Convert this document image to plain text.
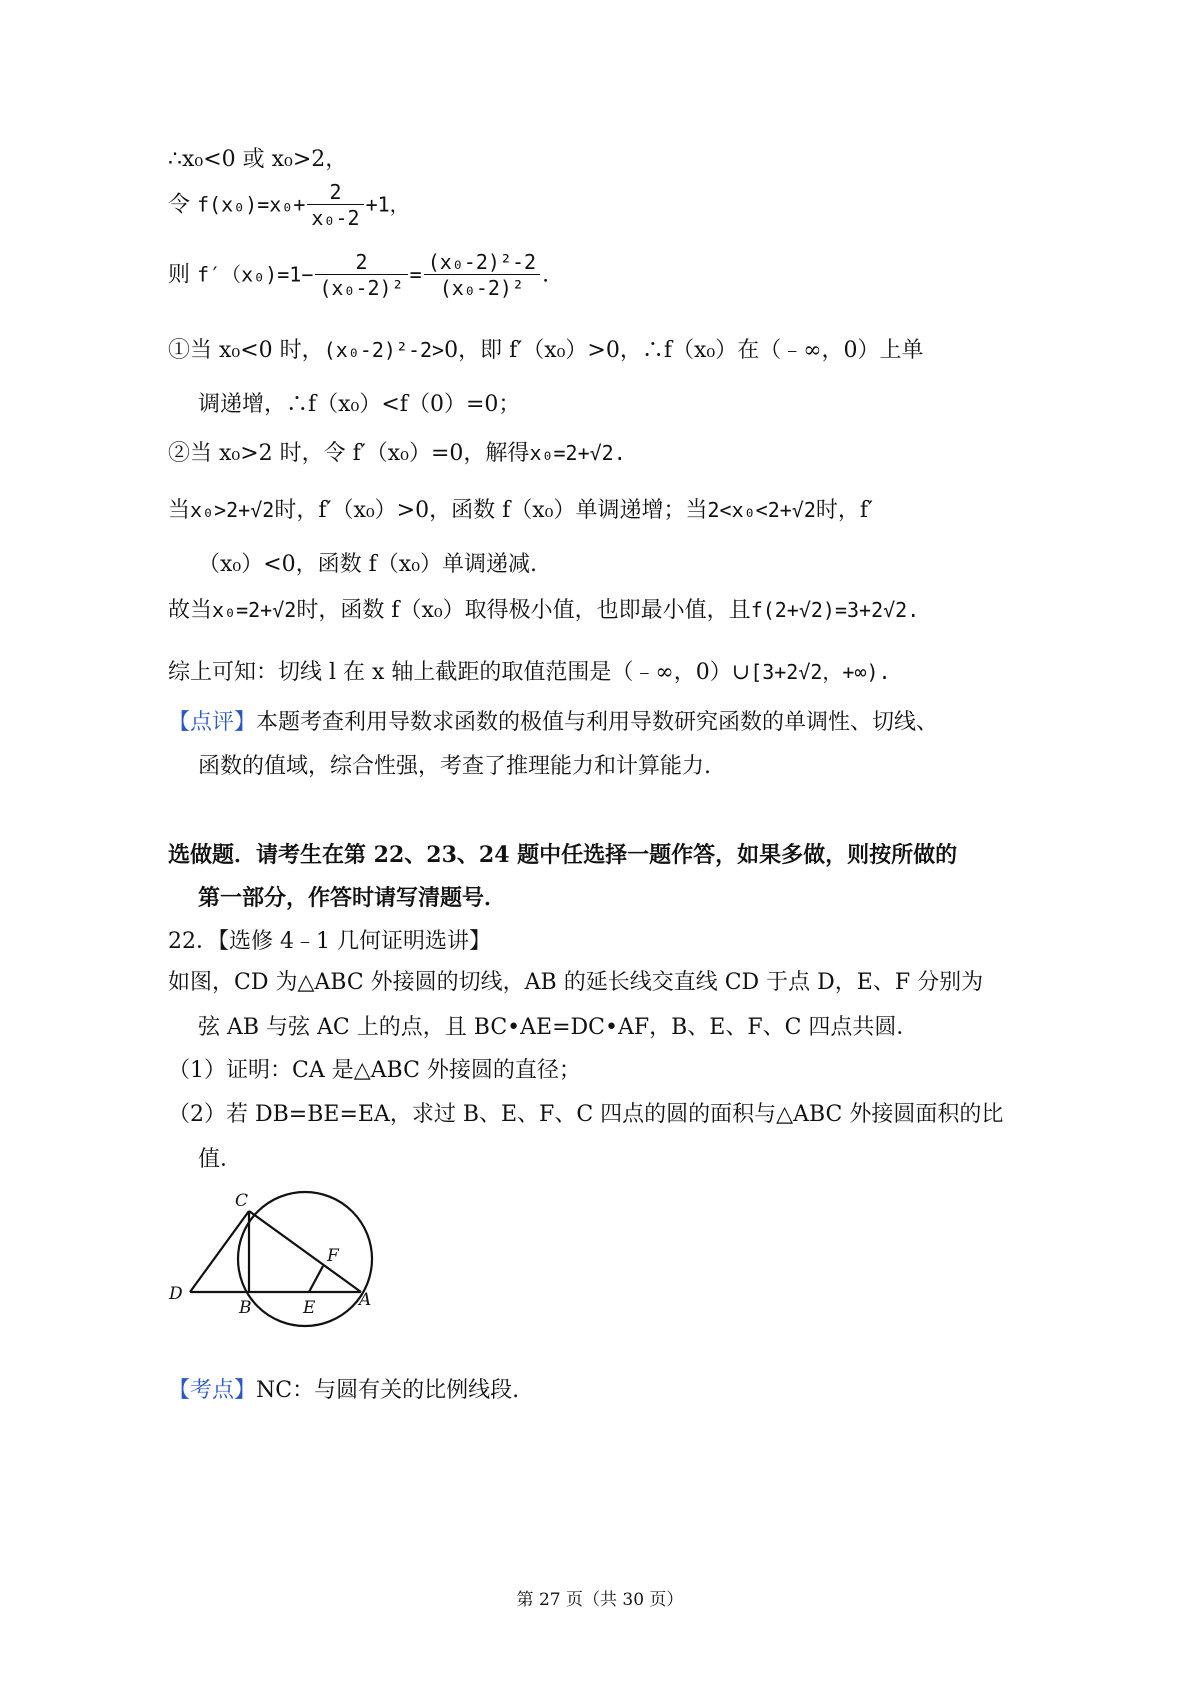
∴x₀<0 或 x₀>2，
令 $f(x_0)=x_0+ \frac{2}{\text{x₀-2}} +1$，
则 $f'(x_0)=1- \frac{2}{\text{(x₀-2)²}} = \frac{\text{(x₀-2)²-2}}{\text{(x₀-2)²}}$ .
①当 x₀<0 时，(x₀-2)²-2>0，即 f′（x₀）>0，∴f（x₀）在（﹣∞，0）上单
调递增，∴f（x₀）<f（0）=0；
②当 x₀>2 时，令 f′（x₀）=0，解得x₀=2+√2.
当x₀>2+√2时，f′（x₀）>0，函数 f（x₀）单调递增；当2<x₀<2+√2时，f′
（x₀）<0，函数 f（x₀）单调递减.
故当x₀=2+√2时，函数 f（x₀）取得极小值，也即最小值，且f(2+√2)=3+2√2.
综上可知：切线 l 在 x 轴上截距的取值范围是（﹣∞，0）∪[3+2√2，+∞).
【点评】本题考查利用导数求函数的极值与利用导数研究函数的单调性、切线、
函数的值域，综合性强，考查了推理能力和计算能力.
选做题．请考生在第 22、23、24 题中任选择一题作答，如果多做，则按所做的
第一部分，作答时请写清题号．
22．【选修 4﹣1 几何证明选讲】
如图，CD 为△ABC 外接圆的切线，AB 的延长线交直线 CD 于点 D，E、F 分别为
弦 AB 与弦 AC 上的点，且 BC•AE=DC•AF，B、E、F、C 四点共圆．
（1）证明：CA 是△ABC 外接圆的直径；
（2）若 DB=BE=EA，求过 B、E、F、C 四点的圆的面积与△ABC 外接圆面积的比
值．
C
F
D
B	E	A
【考点】NC：与圆有关的比例线段.
第 27 页（共 30 页）
